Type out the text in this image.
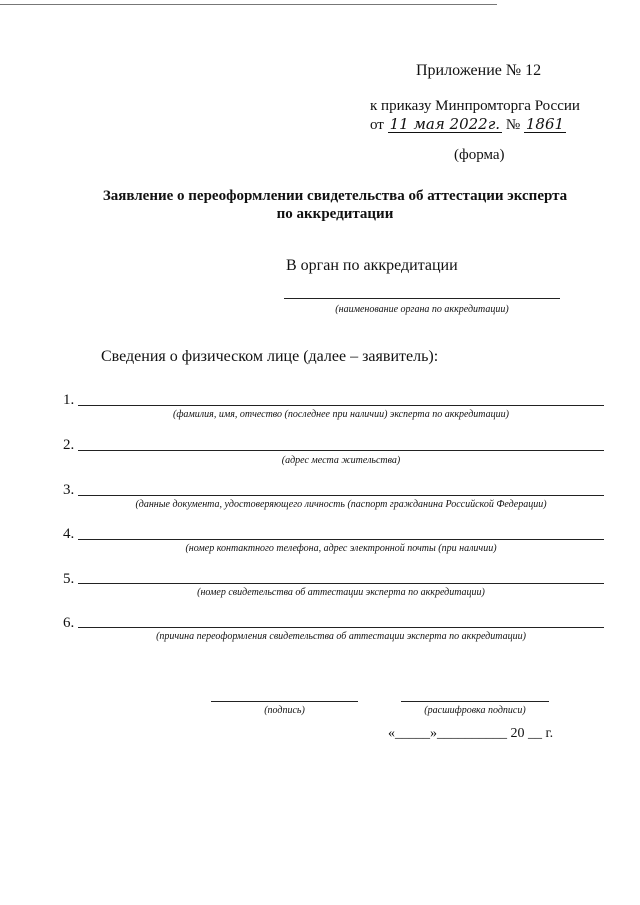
Приложение № 12
к приказу Минпромторга России
от 11 мая 2022г. № 1861
(форма)
Заявление о переоформлении свидетельства об аттестации эксперта по аккредитации
В орган по аккредитации
(наименование органа по аккредитации)
Сведения о физическом лице (далее – заявитель):
1.
(фамилия, имя, отчество (последнее при наличии) эксперта по аккредитации)
2.
(адрес места жительства)
3.
(данные документа, удостоверяющего личность (паспорт гражданина Российской Федерации)
4.
(номер контактного телефона, адрес электронной почты (при наличии)
5.
(номер свидетельства об аттестации эксперта по аккредитации)
6.
(причина переоформления свидетельства об аттестации эксперта по аккредитации)
(подпись)	(расшифровка подписи)
«_____»__________ 20 __ г.
